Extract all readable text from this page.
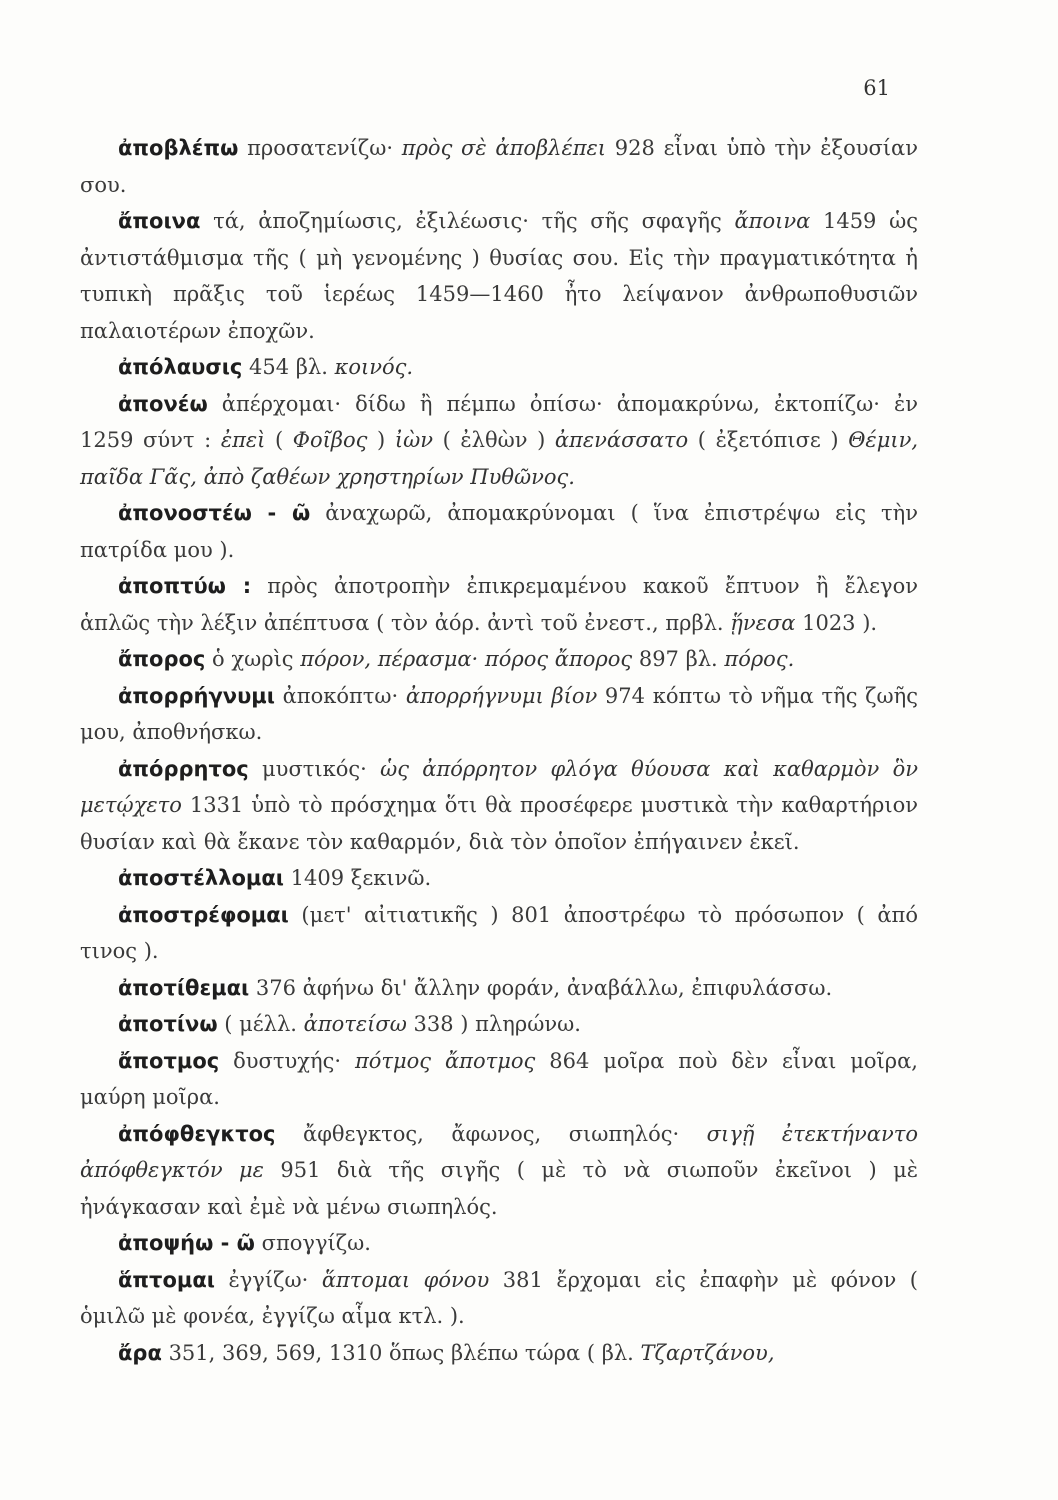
61

ἀποβλέπω προσατενίζω· πρὸς σὲ ἀποβλέπει 928 εἶναι ὑπὸ τὴν ἐξουσίαν σου.

ἄποινα τά, ἀποζημίωσις, ἐξιλέωσις· τῆς σῆς σφαγῆς ἄποινα 1459 ὡς ἀντιστάθμισμα τῆς ( μὴ γενομένης ) θυσίας σου. Εἰς τὴν πραγματικότητα ἡ τυπικὴ πρᾶξις τοῦ ἱερέως 1459—1460 ἦτο λείψανον ἀνθρωποθυσιῶν παλαιοτέρων ἐποχῶν.

ἀπόλαυσις 454 βλ. κοινός.

ἀπονέω ἀπέρχομαι· δίδω ἢ πέμπω ὀπίσω· ἀπομακρύνω, ἐκτοπίζω· ἐν 1259 σύντ : ἐπεὶ ( Φοῖβος ) ἰὼν ( ἐλθὼν ) ἀπενάσσατο ( ἐξετόπισε ) Θέμιν, παῖδα Γᾶς, ἀπὸ ζαθέων χρηστηρίων Πυθῶνος.

ἀπονοστέω - ῶ ἀναχωρῶ, ἀπομακρύνομαι ( ἵνα ἐπιστρέψω εἰς τὴν πατρίδα μου ).

ἀποπτύω : πρὸς ἀποτροπὴν ἐπικρεμαμένου κακοῦ ἔπτυον ἢ ἔλεγον ἁπλῶς τὴν λέξιν ἀπέπτυσα ( τὸν ἀόρ. ἀντὶ τοῦ ἐνεστ., πρβλ. ᾕνεσα 1023 ).

ἄπορος ὁ χωρὶς πόρον, πέρασμα· πόρος ἄπορος 897 βλ. πόρος.

ἀπορρήγνυμι ἀποκόπτω· ἀπορρήγνυμι βίον 974 κόπτω τὸ νῆμα τῆς ζωῆς μου, ἀποθνήσκω.

ἀπόρρητος μυστικός· ὡς ἀπόρρητον φλόγα θύουσα καὶ καθαρμὸν ὃν μετῴχετο 1331 ὑπὸ τὸ πρόσχημα ὅτι θὰ προσέφερε μυστικὰ τὴν καθαρτήριον θυσίαν καὶ θὰ ἔκανε τὸν καθαρμόν, διὰ τὸν ὁποῖον ἐπήγαινεν ἐκεῖ.

ἀποστέλλομαι 1409 ξεκινῶ.

ἀποστρέφομαι (μετ' αἰτιατικῆς ) 801 ἀποστρέφω τὸ πρόσωπον ( ἀπό τινος ).

ἀποτίθεμαι 376 ἀφήνω δι' ἄλλην φοράν, ἀναβάλλω, ἐπιφυλάσσω.

ἀποτίνω ( μέλλ. ἀποτείσω 338 ) πληρώνω.

ἄποτμος δυστυχής· πότμος ἄποτμος 864 μοῖρα ποὺ δὲν εἶναι μοῖρα, μαύρη μοῖρα.

ἀπόφθεγκτος ἄφθεγκτος, ἄφωνος, σιωπηλός· σιγῇ ἐτεκτήναντο ἀπόφθεγκτόν με 951 διὰ τῆς σιγῆς ( μὲ τὸ νὰ σιωποῦν ἐκεῖνοι ) μὲ ἠνάγκασαν καὶ ἐμὲ νὰ μένω σιωπηλός.

ἀποψήω - ῶ σπογγίζω.

ἅπτομαι ἐγγίζω· ἅπτομαι φόνου 381 ἔρχομαι εἰς ἐπαφὴν μὲ φόνον ( ὁμιλῶ μὲ φονέα, ἐγγίζω αἷμα κτλ. ).

ἄρα 351, 369, 569, 1310 ὅπως βλέπω τώρα ( βλ. Τζαρτζάνου,
